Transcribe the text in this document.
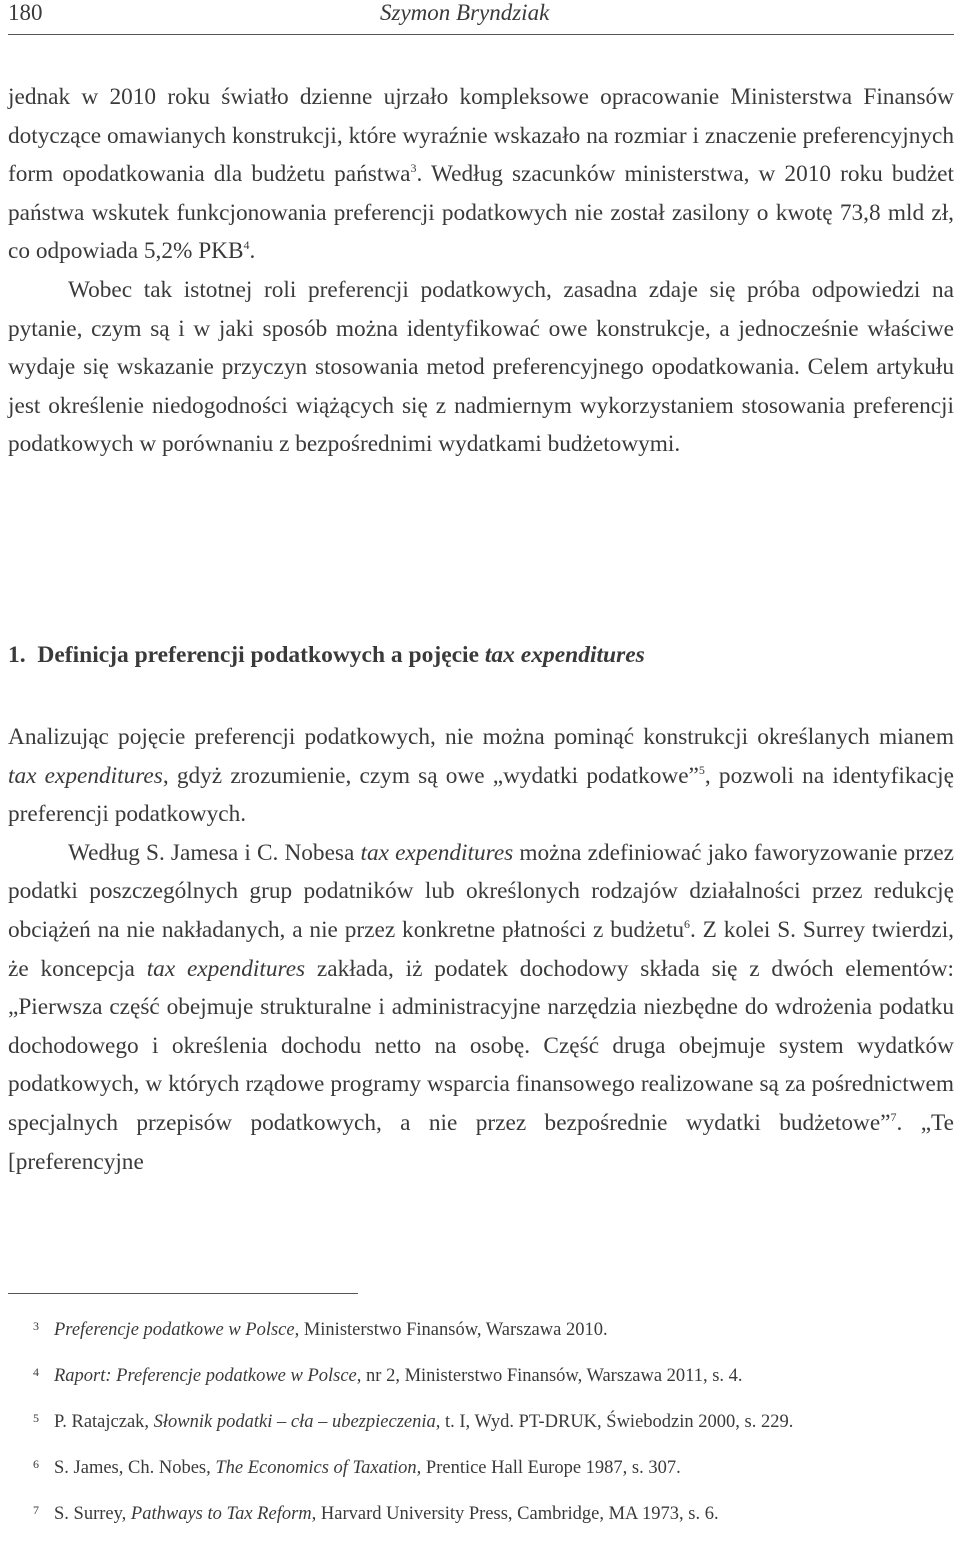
180	Szymon Bryndziak

jednak w 2010 roku światło dzienne ujrzało kompleksowe opracowanie Ministerstwa Finansów dotyczące omawianych konstrukcji, które wyraźnie wskazało na rozmiar i znaczenie preferencyjnych form opodatkowania dla budżetu państwa$^3$. Według szacunków ministerstwa, w 2010 roku budżet państwa wskutek funkcjonowania preferencji podatkowych nie został zasilony o kwotę 73,8 mld zł, co odpowiada 5,2% PKB$^4$.

Wobec tak istotnej roli preferencji podatkowych, zasadna zdaje się próba odpowiedzi na pytanie, czym są i w jaki sposób można identyfikować owe konstrukcje, a jednocześnie właściwe wydaje się wskazanie przyczyn stosowania metod preferencyjnego opodatkowania. Celem artykułu jest określenie niedogodności wiążących się z nadmiernym wykorzystaniem stosowania preferencji podatkowych w porównaniu z bezpośrednimi wydatkami budżetowymi.

1. Definicja preferencji podatkowych a pojęcie tax expenditures

Analizując pojęcie preferencji podatkowych, nie można pominąć konstrukcji określanych mianem tax expenditures, gdyż zrozumienie, czym są owe „wydatki podatkowe”$^5$, pozwoli na identyfikację preferencji podatkowych.

Według S. Jamesa i C. Nobesa tax expenditures można zdefiniować jako faworyzowanie przez podatki poszczególnych grup podatników lub określonych rodzajów działalności przez redukcję obciążeń na nie nakładanych, a nie przez konkretne płatności z budżetu$^6$. Z kolei S. Surrey twierdzi, że koncepcja tax expenditures zakłada, iż podatek dochodowy składa się z dwóch elementów: „Pierwsza część obejmuje strukturalne i administracyjne narzędzia niezbędne do wdrożenia podatku dochodowego i określenia dochodu netto na osobę. Część druga obejmuje system wydatków podatkowych, w których rządowe programy wsparcia finansowego realizowane są za pośrednictwem specjalnych przepisów podatkowych, a nie przez bezpośrednie wydatki budżetowe”$^7$. „Te [preferencyjne

3 Preferencje podatkowe w Polsce, Ministerstwo Finansów, Warszawa 2010.
4 Raport: Preferencje podatkowe w Polsce, nr 2, Ministerstwo Finansów, Warszawa 2011, s. 4.
5 P. Ratajczak, Słownik podatki – cła – ubezpieczenia, t. I, Wyd. PT-DRUK, Świebodzin 2000, s. 229.
6 S. James, Ch. Nobes, The Economics of Taxation, Prentice Hall Europe 1987, s. 307.
7 S. Surrey, Pathways to Tax Reform, Harvard University Press, Cambridge, MA 1973, s. 6.
